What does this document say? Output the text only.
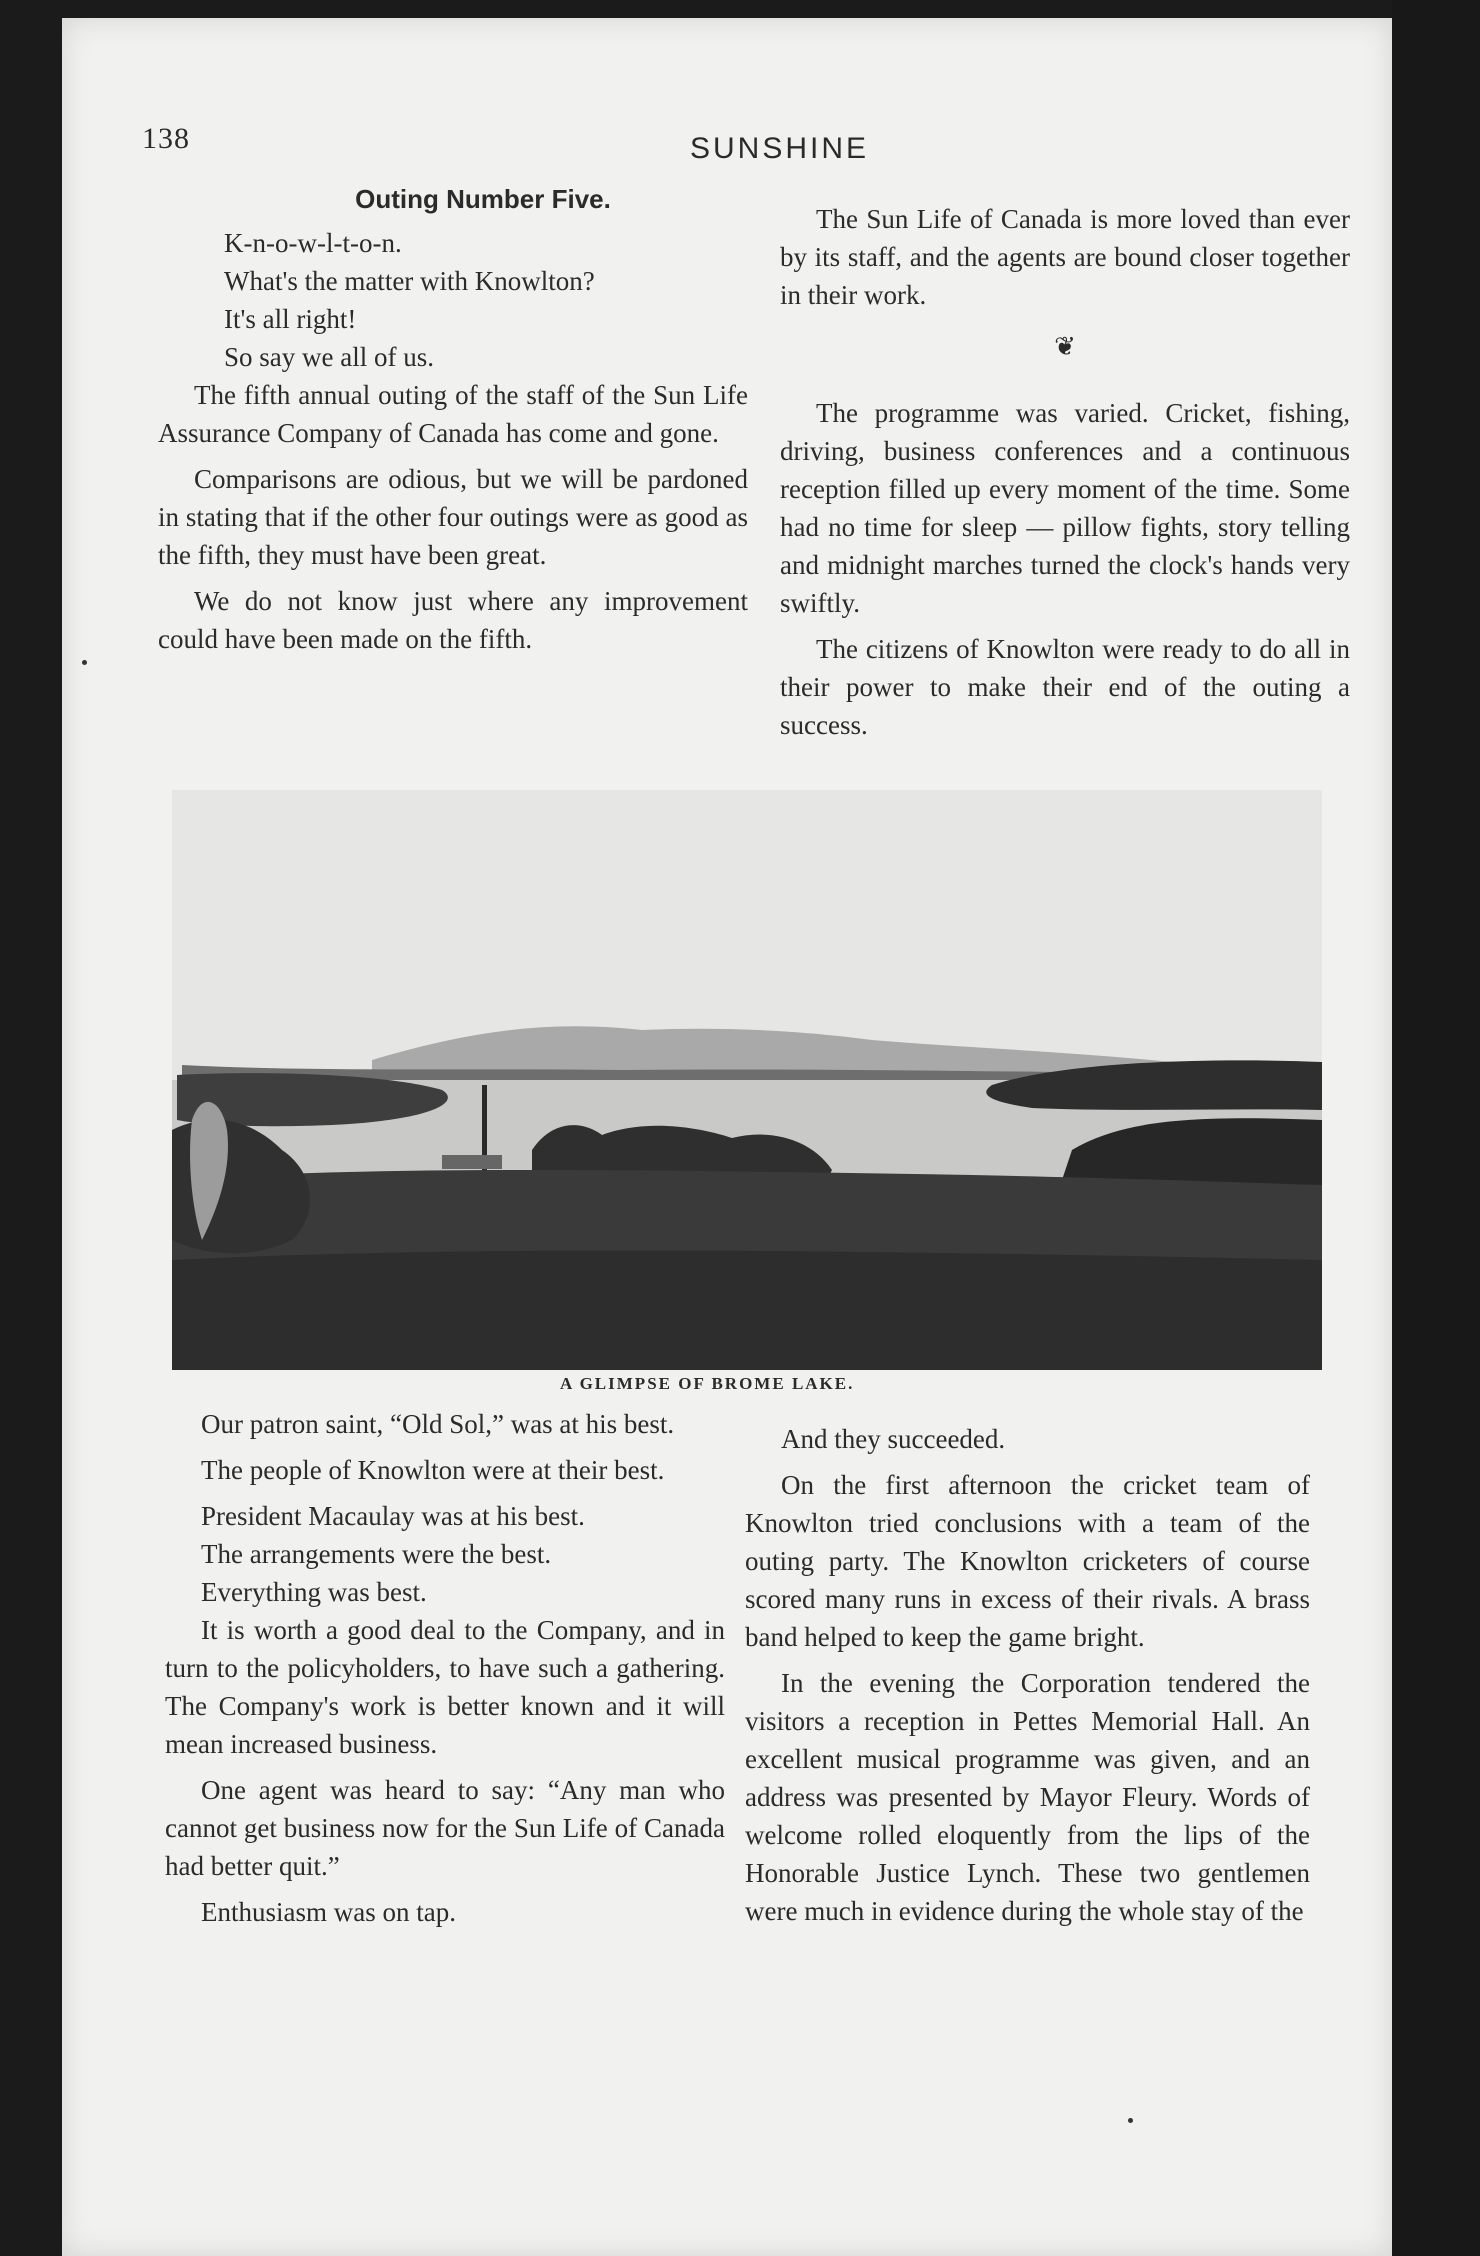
138	SUNSHINE
Outing Number Five.

K-n-o-w-l-t-o-n.

What's the matter with Knowlton?

It's all right!

So say we all of us.

The fifth annual outing of the staff of the Sun Life Assurance Company of Canada has come and gone.

Comparisons are odious, but we will be pardoned in stating that if the other four outings were as good as the fifth, they must have been great.

We do not know just where any improvement could have been made on the fifth.

The Sun Life of Canada is more loved than ever by its staff, and the agents are bound closer together in their work.

❦

The programme was varied. Cricket, fishing, driving, business conferences and a continuous reception filled up every moment of the time. Some had no time for sleep — pillow fights, story telling and midnight marches turned the clock's hands very swiftly.

The citizens of Knowlton were ready to do all in their power to make their end of the outing a success.

A GLIMPSE OF BROME LAKE.

Our patron saint, “Old Sol,” was at his best.

The people of Knowlton were at their best.

President Macaulay was at his best.

The arrangements were the best.

Everything was best.

It is worth a good deal to the Company, and in turn to the policyholders, to have such a gathering. The Company's work is better known and it will mean increased business.

One agent was heard to say: “Any man who cannot get business now for the Sun Life of Canada had better quit.”

Enthusiasm was on tap.

And they succeeded.

On the first afternoon the cricket team of Knowlton tried conclusions with a team of the outing party. The Knowlton cricketers of course scored many runs in excess of their rivals. A brass band helped to keep the game bright.

In the evening the Corporation tendered the visitors a reception in Pettes Memorial Hall. An excellent musical programme was given, and an address was presented by Mayor Fleury. Words of welcome rolled eloquently from the lips of the Honorable Justice Lynch. These two gentlemen were much in evidence during the whole stay of the
